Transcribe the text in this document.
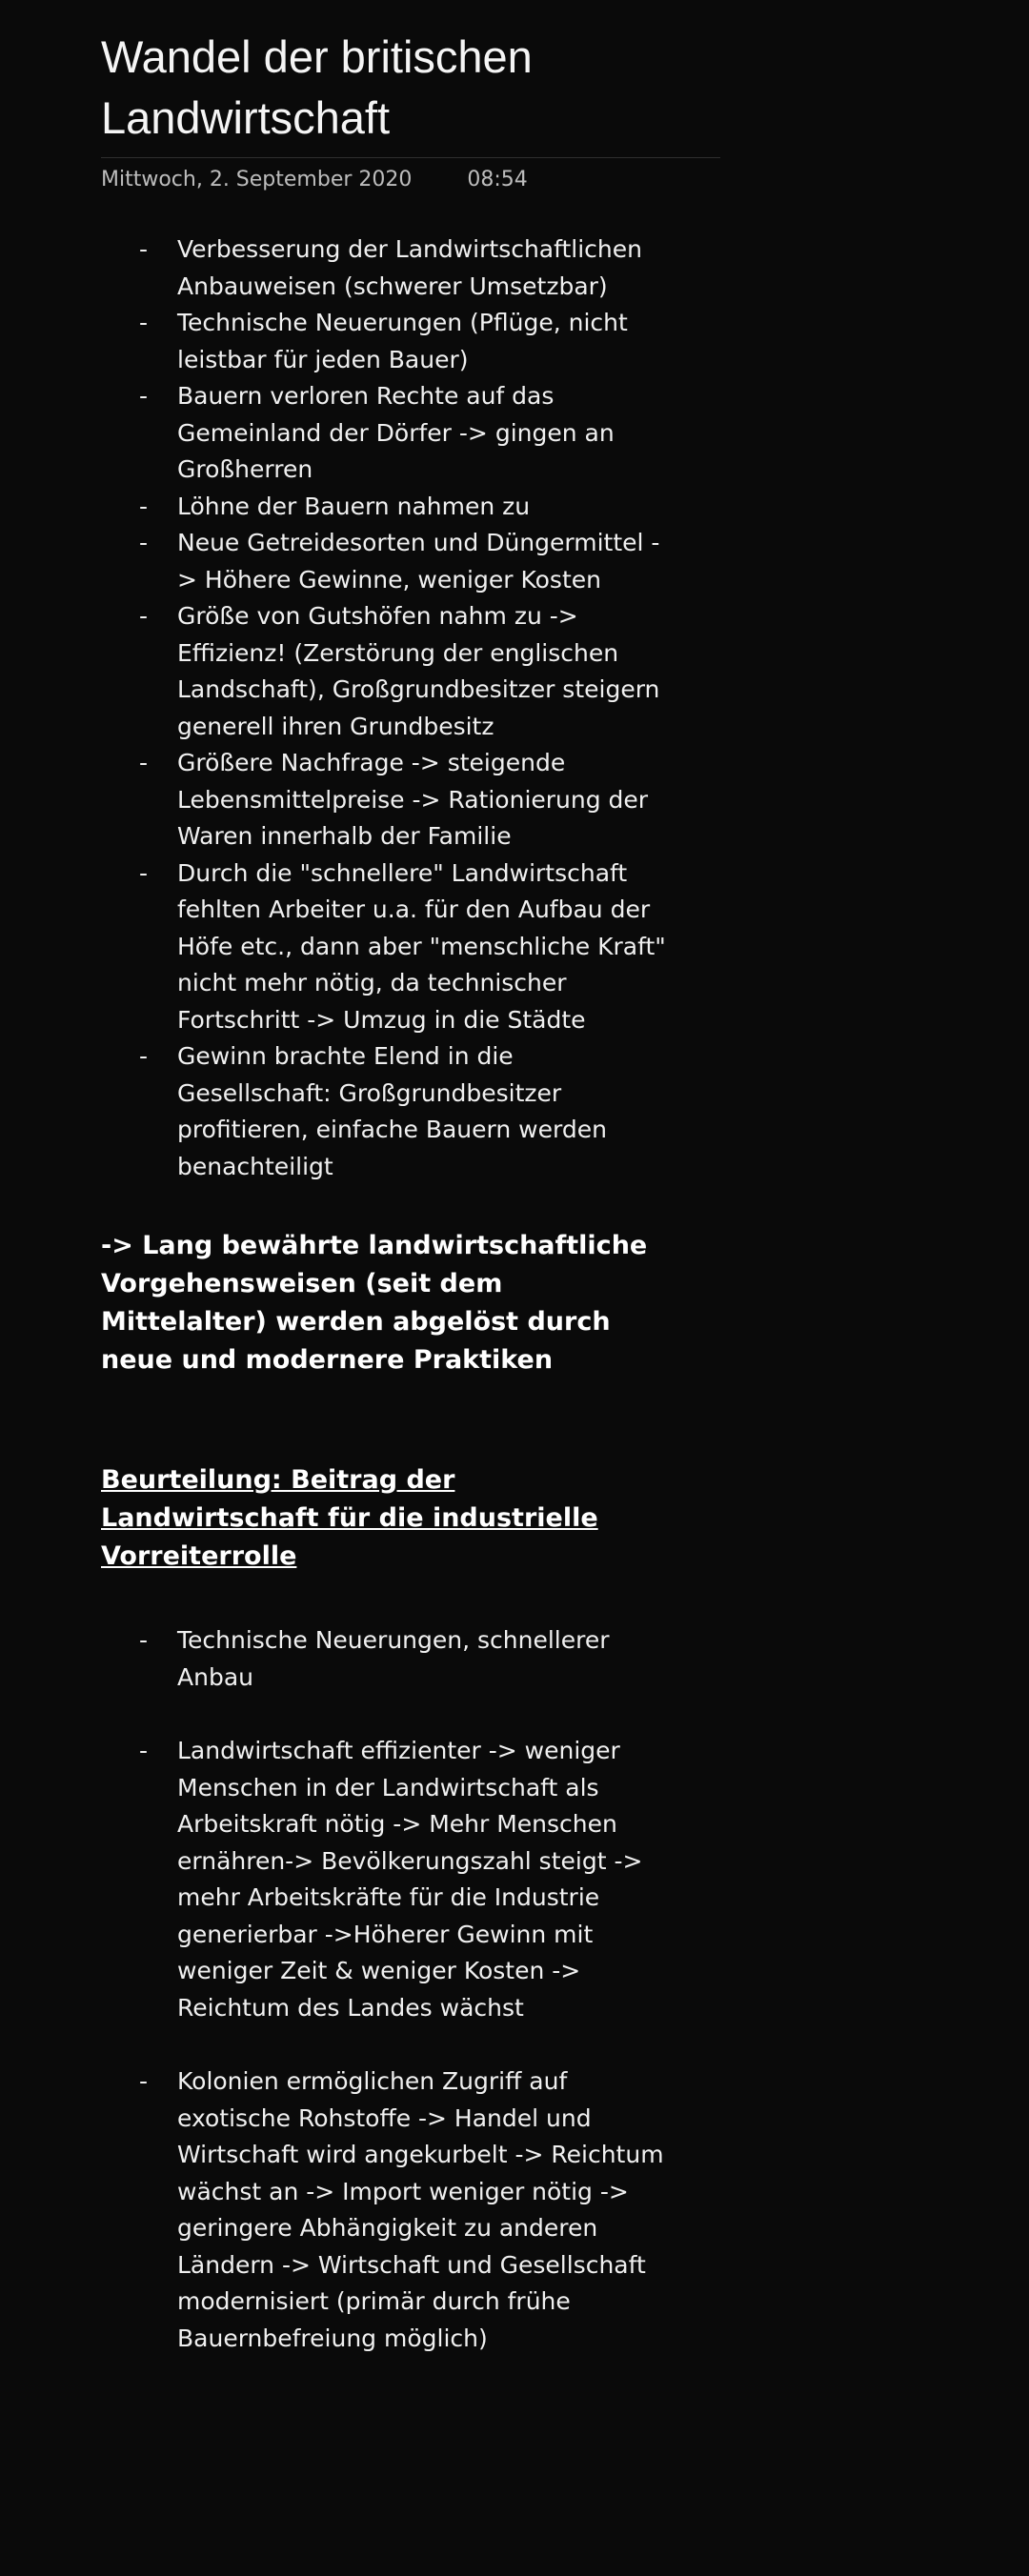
Wandel der britischen Landwirtschaft
Mittwoch, 2. September 2020	08:54
- Verbesserung der Landwirtschaftlichen Anbauweisen (schwerer Umsetzbar)
- Technische Neuerungen (Pflüge, nicht leistbar für jeden Bauer)
- Bauern verloren Rechte auf das Gemeinland der Dörfer -> gingen an Großherren
- Löhne der Bauern nahmen zu
- Neue Getreidesorten und Düngermittel -> Höhere Gewinne, weniger Kosten
- Größe von Gutshöfen nahm zu -> Effizienz! (Zerstörung der englischen Landschaft), Großgrundbesitzer steigern generell ihren Grundbesitz
- Größere Nachfrage -> steigende Lebensmittelpreise -> Rationierung der Waren innerhalb der Familie
- Durch die "schnellere" Landwirtschaft fehlten Arbeiter u.a. für den Aufbau der Höfe etc., dann aber "menschliche Kraft" nicht mehr nötig, da technischer Fortschritt -> Umzug in die Städte
- Gewinn brachte Elend in die Gesellschaft: Großgrundbesitzer profitieren, einfache Bauern werden benachteiligt

-> Lang bewährte landwirtschaftliche Vorgehensweisen (seit dem Mittelalter) werden abgelöst durch neue und modernere Praktiken

Beurteilung: Beitrag der Landwirtschaft für die industrielle Vorreiterrolle

- Technische Neuerungen, schnellerer Anbau
- Landwirtschaft effizienter -> weniger Menschen in der Landwirtschaft als Arbeitskraft nötig -> Mehr Menschen ernähren-> Bevölkerungszahl steigt -> mehr Arbeitskräfte für die Industrie generierbar ->Höherer Gewinn mit weniger Zeit & weniger Kosten -> Reichtum des Landes wächst
- Kolonien ermöglichen Zugriff auf exotische Rohstoffe -> Handel und Wirtschaft wird angekurbelt -> Reichtum wächst an -> Import weniger nötig -> geringere Abhängigkeit zu anderen Ländern -> Wirtschaft und Gesellschaft modernisiert (primär durch frühe Bauernbefreiung möglich)
